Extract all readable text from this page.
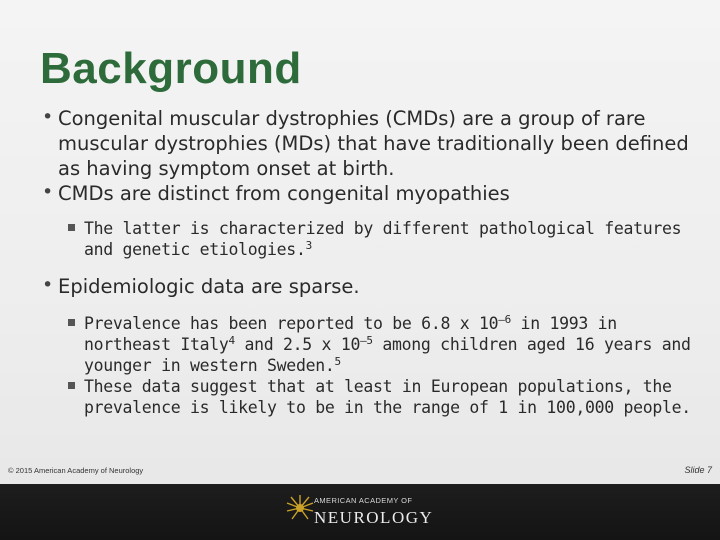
Background

• Congenital muscular dystrophies (CMDs) are a group of rare muscular dystrophies (MDs) that have traditionally been defined as having symptom onset at birth.

• CMDs are distinct from congenital myopathies

The latter is characterized by different pathological features and genetic etiologies.$^3$

• Epidemiologic data are sparse.

Prevalence has been reported to be 6.8 x $10^{-6}$ in 1993 in northeast Italy$^4$ and 2.5 x $10^{-5}$ among children aged 16 years and younger in western Sweden.$^5$
These data suggest that at least in European populations, the prevalence is likely to be in the range of 1 in 100,000 people.
© 2015 American Academy of Neurology	Slide 7
AMERICAN ACADEMY OF
NEUROLOGY
